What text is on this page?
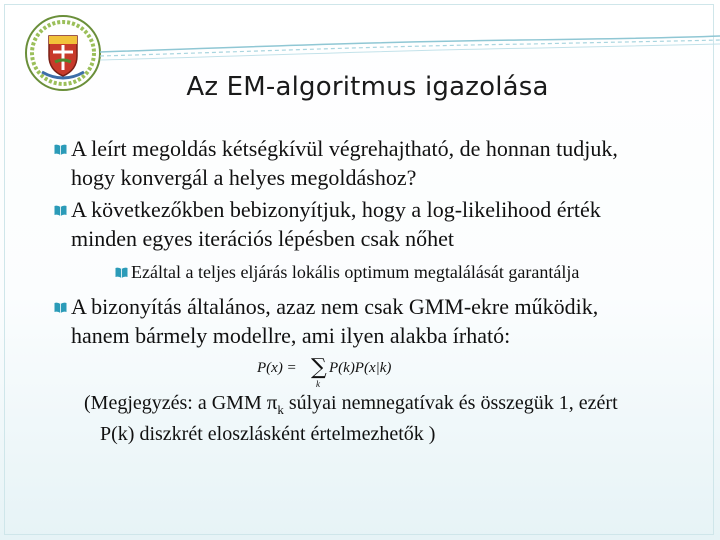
Az EM-algoritmus igazolása
A leírt megoldás kétségkívül végrehajtható, de honnan tudjuk,
hogy konvergál a helyes megoldáshoz?
A következőkben bebizonyítjuk, hogy a log-likelihood érték
minden egyes iterációs lépésben csak nőhet
Ezáltal a teljes eljárás lokális optimum megtalálását garantálja
A bizonyítás általános, azaz nem csak GMM-ekre működik,
hanem bármely modellre, ami ilyen alakba írható:
P(x) = ∑
k
P(k)P(x|k)
(Megjegyzés: a GMM $\pi_k$ súlyai nemnegatívak és összegük 1, ezért
P(k) diszkrét eloszlásként értelmezhetők )
